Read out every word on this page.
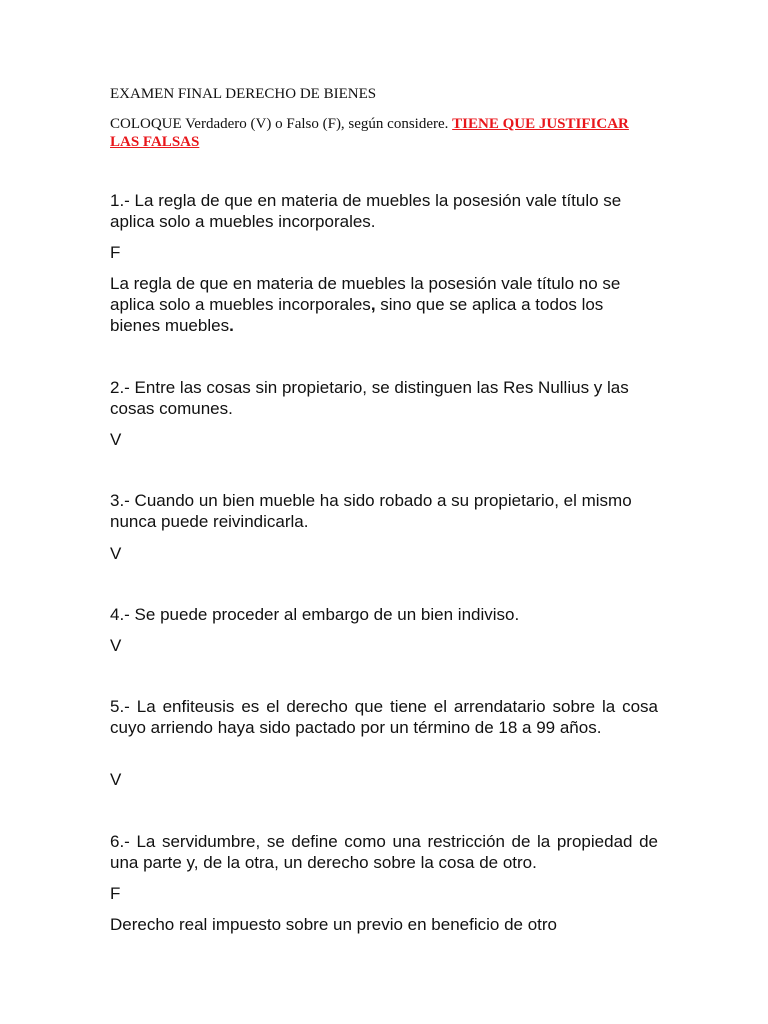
EXAMEN FINAL DERECHO DE BIENES
COLOQUE Verdadero (V) o Falso (F), según considere. TIENE QUE JUSTIFICAR LAS FALSAS

1.- La regla de que en materia de muebles la posesión vale título se aplica solo a muebles incorporales.

F

La regla de que en materia de muebles la posesión vale título no se aplica solo a muebles incorporales, sino que se aplica a todos los bienes muebles.

2.- Entre las cosas sin propietario, se distinguen las Res Nullius y las cosas comunes.

V

3.- Cuando un bien mueble ha sido robado a su propietario, el mismo nunca puede reivindicarla.

V

4.- Se puede proceder al embargo de un bien indiviso.

V

5.- La enfiteusis es el derecho que tiene el arrendatario sobre la cosa cuyo arriendo haya sido pactado por un término de 18 a 99 años.

V

6.- La servidumbre, se define como una restricción de la propiedad de una parte y, de la otra, un derecho sobre la cosa de otro.

F

Derecho real impuesto sobre un previo en beneficio de otro
